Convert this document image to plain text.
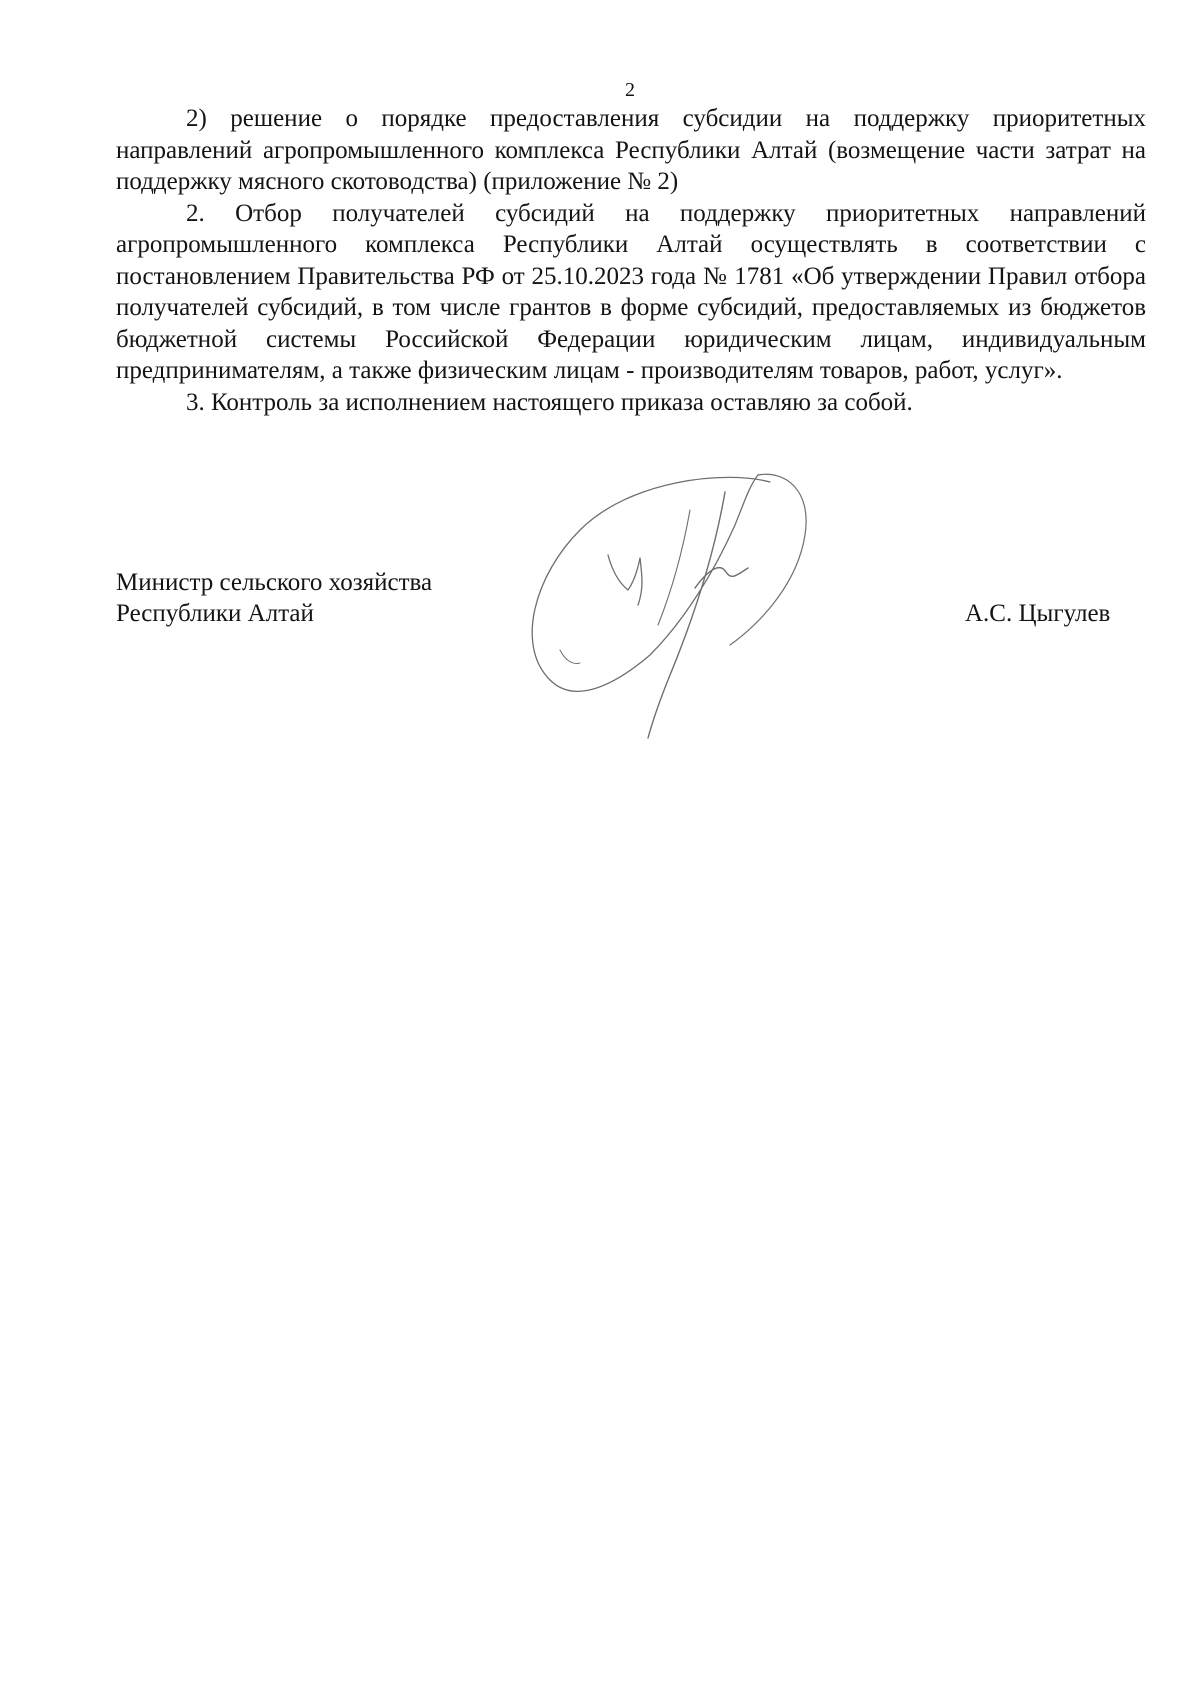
2

2) решение о порядке предоставления субсидии на поддержку приоритетных направлений агропромышленного комплекса Республики Алтай (возмещение части затрат на поддержку мясного скотоводства) (приложение № 2)

2. Отбор получателей субсидий на поддержку приоритетных направлений агропромышленного комплекса Республики Алтай осуществлять в соответствии с постановлением Правительства РФ от 25.10.2023 года № 1781 «Об утверждении Правил отбора получателей субсидий, в том числе грантов в форме субсидий, предоставляемых из бюджетов бюджетной системы Российской Федерации юридическим лицам, индивидуальным предпринимателям, а также физическим лицам - производителям товаров, работ, услуг».

3. Контроль за исполнением настоящего приказа оставляю за собой.

Министр сельского хозяйства
Республики Алтай	А.С. Цыгулев
